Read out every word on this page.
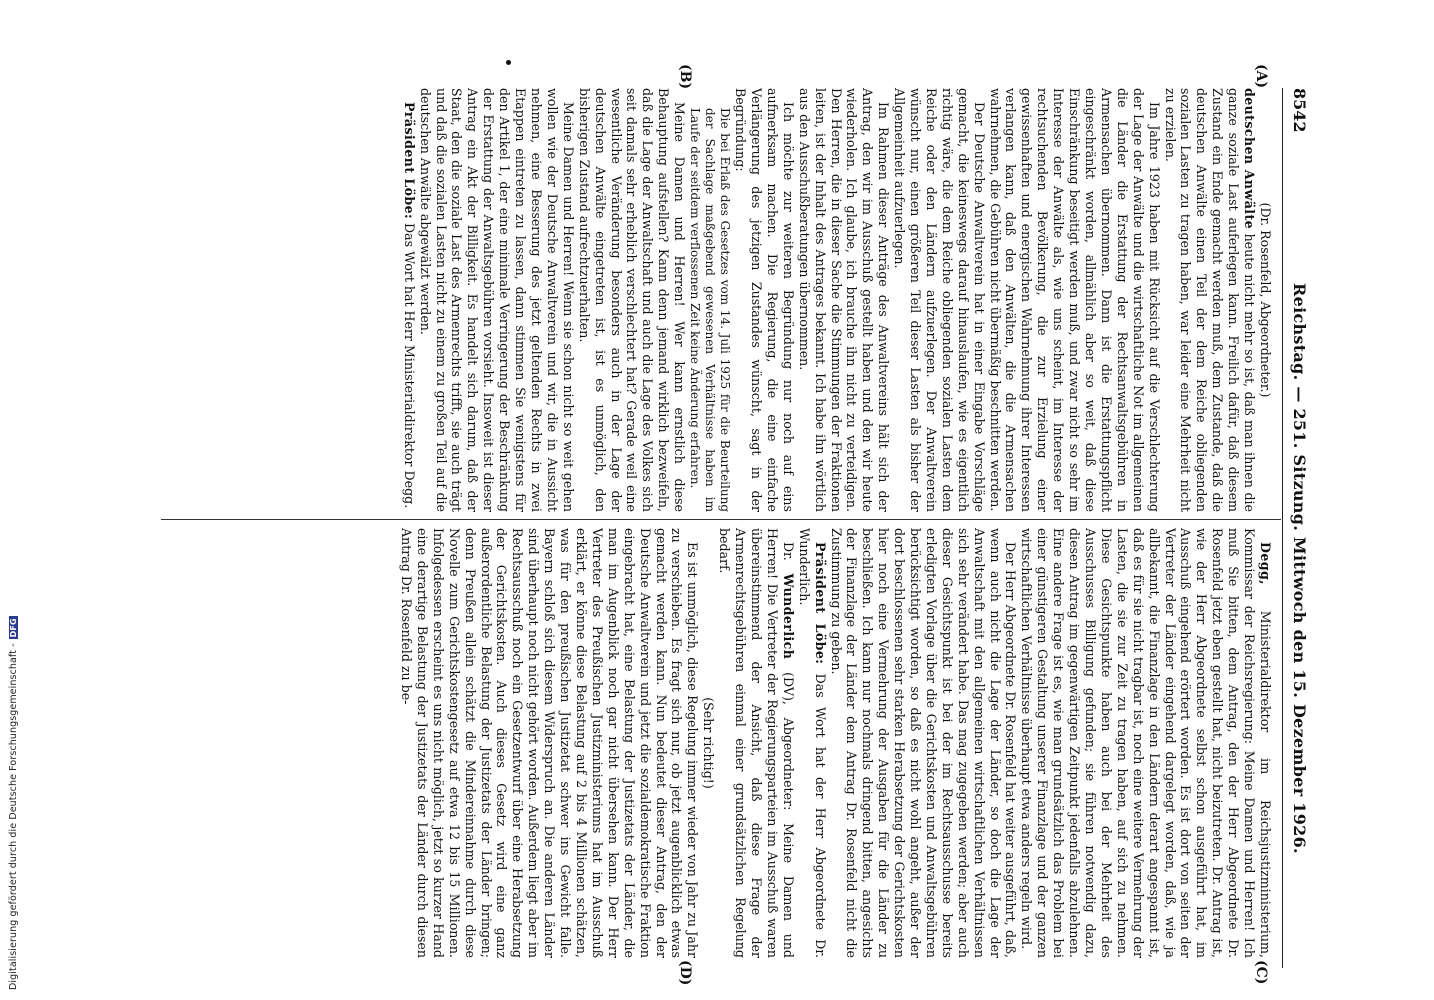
Digitalisierung gefördert durch die Deutsche Forschungsgemeinschaft -DFG
8542
Reichstag. — 251. Sitzung. Mittwoch den 15. Dezember 1926.
(A)
(B)
(C)
(D)

(Dr. Rosenfeld, Abgeordneter.)

deutschen Anwälte heute nicht mehr so ist, daß man ihnen die ganze soziale Last auferlegen kann. Freilich dafür, daß diesem Zustand ein Ende gemacht werden muß, dem Zustande, daß die deutschen Anwälte einen Teil der dem Reiche obliegenden sozialen Lasten zu tragen haben, war leider eine Mehrheit nicht zu erzielen.

Im Jahre 1923 haben mit Rücksicht auf die Verschlechterung der Lage der Anwälte und die wirtschaftliche Not im allgemeinen die Länder die Erstattung der Rechtsanwaltsgebühren in Armensachen übernommen. Dann ist die Erstattungspflicht eingeschränkt worden, allmählich aber so weit, daß diese Einschränkung beseitigt werden muß, und zwar nicht so sehr im Interesse der Anwälte als, wie uns scheint, im Interesse der rechtsuchenden Bevölkerung, die zur Erzielung einer gewissenhaften und energischen Wahrnehmung ihrer Interessen verlangen kann, daß den Anwälten, die die Armensachen wahrnehmen, die Gebühren nicht übermäßig beschnitten werden.

Der Deutsche Anwaltverein hat in einer Eingabe Vorschläge gemacht, die keineswegs darauf hinauslaufen, wie es eigentlich richtig wäre, die dem Reiche obliegenden sozialen Lasten dem Reiche oder den Ländern aufzuerlegen. Der Anwaltverein wünscht nur, einen größeren Teil dieser Lasten als bisher der Allgemeinheit aufzuerlegen.

Im Rahmen dieser Anträge des Anwaltvereins hält sich der Antrag, den wir im Ausschuß gestellt haben und den wir heute wiederholen. Ich glaube, ich brauche ihn nicht zu verteidigen. Den Herren, die in dieser Sache die Stimmungen der Fraktionen leiten, ist der Inhalt des Antrages bekannt. Ich habe ihn wörtlich aus den Ausschußberatungen übernommen.

Ich möchte zur weiteren Begründung nur noch auf eins aufmerksam machen. Die Regierung, die eine einfache Verlängerung des jetzigen Zustandes wünscht, sagt in der Begründung:

Die bei Erlaß des Gesetzes vom 14. Juli 1925 für die Beurteilung der Sachlage maßgebend gewesenen Verhältnisse haben im Laufe der seitdem verflossenen Zeit keine Änderung erfahren.

Meine Damen und Herren! Wer kann ernstlich diese Behauptung aufstellen? Kann denn jemand wirklich bezweifeln, daß die Lage der Anwaltschaft und auch die Lage des Volkes sich seit damals sehr erheblich verschlechtert hat? Gerade weil eine wesentliche Veränderung besonders auch in der Lage der deutschen Anwälte eingetreten ist, ist es unmöglich, den bisherigen Zustand aufrechtzuerhalten.

Meine Damen und Herren! Wenn sie schon nicht so weit gehen wollen wie der Deutsche Anwaltverein und wir, die in Aussicht nehmen, eine Besserung des jetzt geltenden Rechts in zwei Etappen eintreten zu lassen, dann stimmen Sie wenigstens für den Artikel 1, der eine minimale Verringerung der Beschränkung der Erstattung der Anwaltsgebühren vorsieht. Insoweit ist dieser Antrag ein Akt der Billigkeit. Es handelt sich darum, daß der Staat, den die soziale Last des Armenrechts trifft, sie auch trägt und daß die sozialen Lasten nicht zu einem zu großen Teil auf die deutschen Anwälte abgewälzt werden.

Präsident Löbe: Das Wort hat Herr Ministerialdirektor Degg.

Degg, Ministerialdirektor im Reichsjustizministerium, Kommissar der Reichsregierung: Meine Damen und Herren! Ich muß Sie bitten, dem Antrag, den der Herr Abgeordnete Dr. Rosenfeld jetzt eben gestellt hat, nicht beizutreten. Dr. Antrag ist, wie der Herr Abgeordnete selbst schon ausgeführt hat, im Ausschuß eingehend erörtert worden. Es ist dort von seiten der Vertreter der Länder eingehend dargelegt worden, daß, wie ja allbekannt, die Finanzlage in den Ländern derart angespannt ist, daß es für sie nicht tragbar ist, noch eine weitere Vermehrung der Lasten, die sie zur Zeit zu tragen haben, auf sich zu nehmen. Diese Gesichtspunkte haben auch bei der Mehrheit des Ausschusses Billigung gefunden; sie führen notwendig dazu, diesen Antrag im gegenwärtigen Zeitpunkt jedenfalls abzulehnen. Eine andere Frage ist es, wie man grundsätzlich das Problem bei einer günstigeren Gestaltung unserer Finanzlage und der ganzen wirtschaftlichen Verhältnisse überhaupt etwa anders regeln wird.

Der Herr Abgeordnete Dr. Rosenfeld hat weiter ausgeführt, daß, wenn auch nicht die Lage der Länder, so doch die Lage der Anwaltschaft mit den allgemeinen wirtschaftlichen Verhältnissen sich sehr verändert habe. Das mag zugegeben werden; aber auch dieser Gesichtspunkt ist bei der im Rechtsausschusse bereits erledigten Vorlage über die Gerichtskosten und Anwaltsgebühren berücksichtigt worden, so daß es nicht wohl angeht, außer der dort beschlossenen sehr starken Herabsetzung der Gerichtskosten hier noch eine Vermehrung der Ausgaben für die Länder zu beschließen. Ich kann nur nochmals dringend bitten, angesichts der Finanzlage der Länder dem Antrag Dr. Rosenfeld nicht die Zustimmung zu geben.

Präsident Löbe: Das Wort hat der Herr Abgeordnete Dr. Wunderlich.

Dr. Wunderlich (DV), Abgeordneter: Meine Damen und Herren! Die Vertreter der Regierungsparteien im Ausschuß waren übereinstimmend der Ansicht, daß diese Frage der Armenrechtsgebühren einmal einer grundsätzlichen Regelung bedarf.

(Sehr richtig!)

Es ist unmöglich, diese Regelung immer wieder von Jahr zu Jahr zu verschieben. Es fragt sich nur, ob jetzt augenblicklich etwas gemacht werden kann. Nun bedeutet dieser Antrag, den der Deutsche Anwaltverein und jetzt die sozialdemokratische Fraktion eingebracht hat, eine Belastung der Justizetats der Länder, die man im Augenblick noch gar nicht übersehen kann. Der Herr Vertreter des Preußischen Justizministeriums hat im Ausschuß erklärt, er könne diese Belastung auf 2 bis 4 Millionen schätzen, was für den preußischen Justizetat schwer ins Gewicht falle. Bayern schloß sich diesem Widerspruch an. Die anderen Länder sind überhaupt noch nicht gehört worden. Außerdem liegt aber im Rechtsausschuß noch ein Gesetzentwurf über eine Herabsetzung der Gerichtskosten. Auch dieses Gesetz wird eine ganz außerordentliche Belastung der Justizetats der Länder bringen; denn Preußen allein schätzt die Mindereinnahme durch diese Novelle zum Gerichtskostengesetz auf etwa 12 bis 15 Millionen. Infolgedessen erscheint es uns nicht möglich, jetzt so kurzer Hand eine derartige Belastung der Justizetats der Länder durch diesen Antrag Dr. Rosenfeld zu be-
